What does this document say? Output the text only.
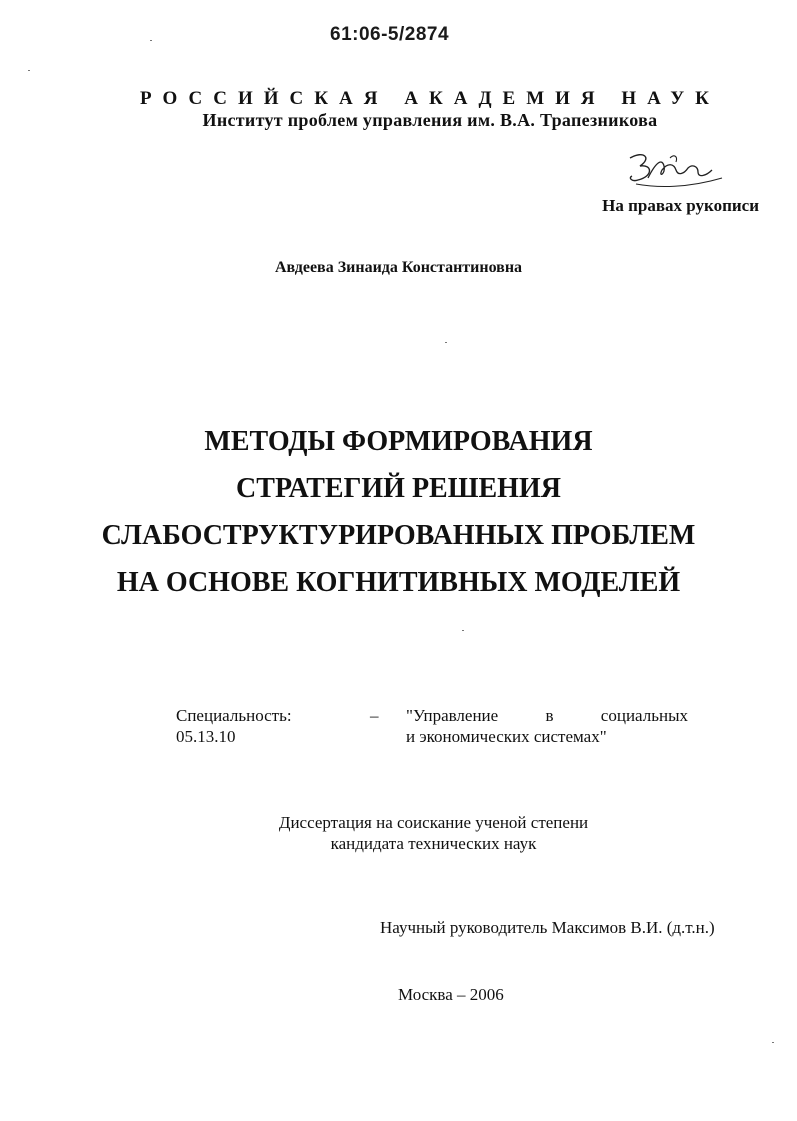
61:06-5/2874
РОССИЙСКАЯ АКАДЕМИЯ НАУК
Институт проблем управления им. В.А. Трапезникова
На правах рукописи
Авдеева Зинаида Константиновна
МЕТОДЫ ФОРМИРОВАНИЯ
СТРАТЕГИЙ РЕШЕНИЯ
СЛАБОСТРУКТУРИРОВАННЫХ ПРОБЛЕМ
НА ОСНОВЕ КОГНИТИВНЫХ МОДЕЛЕЙ
Специальность:
05.13.10
– "Управление	в	социальных
и экономических системах"
Диссертация на соискание ученой степени
кандидата технических наук
Научный руководитель Максимов В.И. (д.т.н.)
Москва – 2006
